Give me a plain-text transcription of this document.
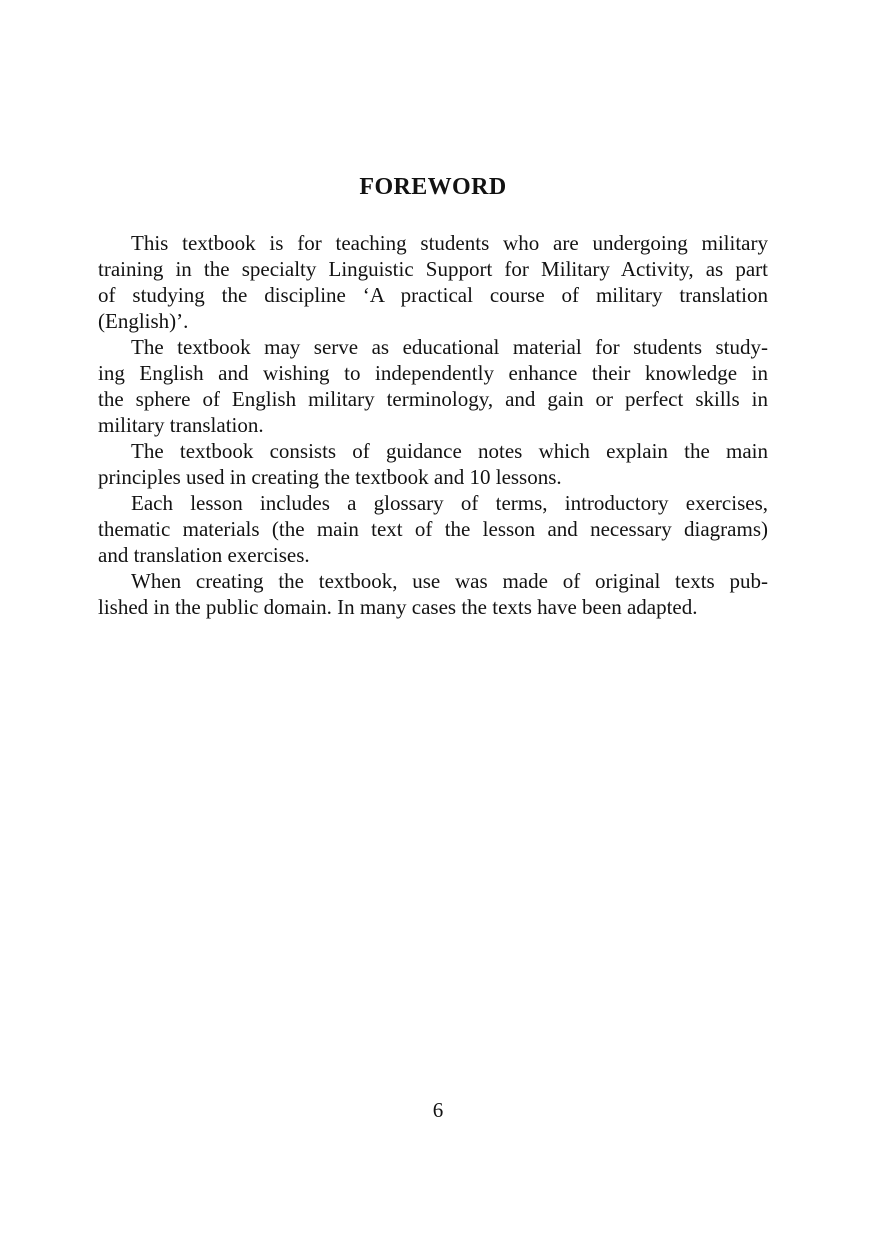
FOREWORD

This textbook is for teaching students who are undergoing military
training in the specialty Linguistic Support for Military Activity, as part
of studying the discipline ‘A practical course of military translation
(English)’.

The textbook may serve as educational material for students study-
ing English and wishing to independently enhance their knowledge in
the sphere of English military terminology, and gain or perfect skills in
military translation.

The textbook consists of guidance notes which explain the main
principles used in creating the textbook and 10 lessons.

Each lesson includes a glossary of terms, introductory exercises,
thematic materials (the main text of the lesson and necessary diagrams)
and translation exercises.

When creating the textbook, use was made of original texts pub-
lished in the public domain. In many cases the texts have been adapted.

6
